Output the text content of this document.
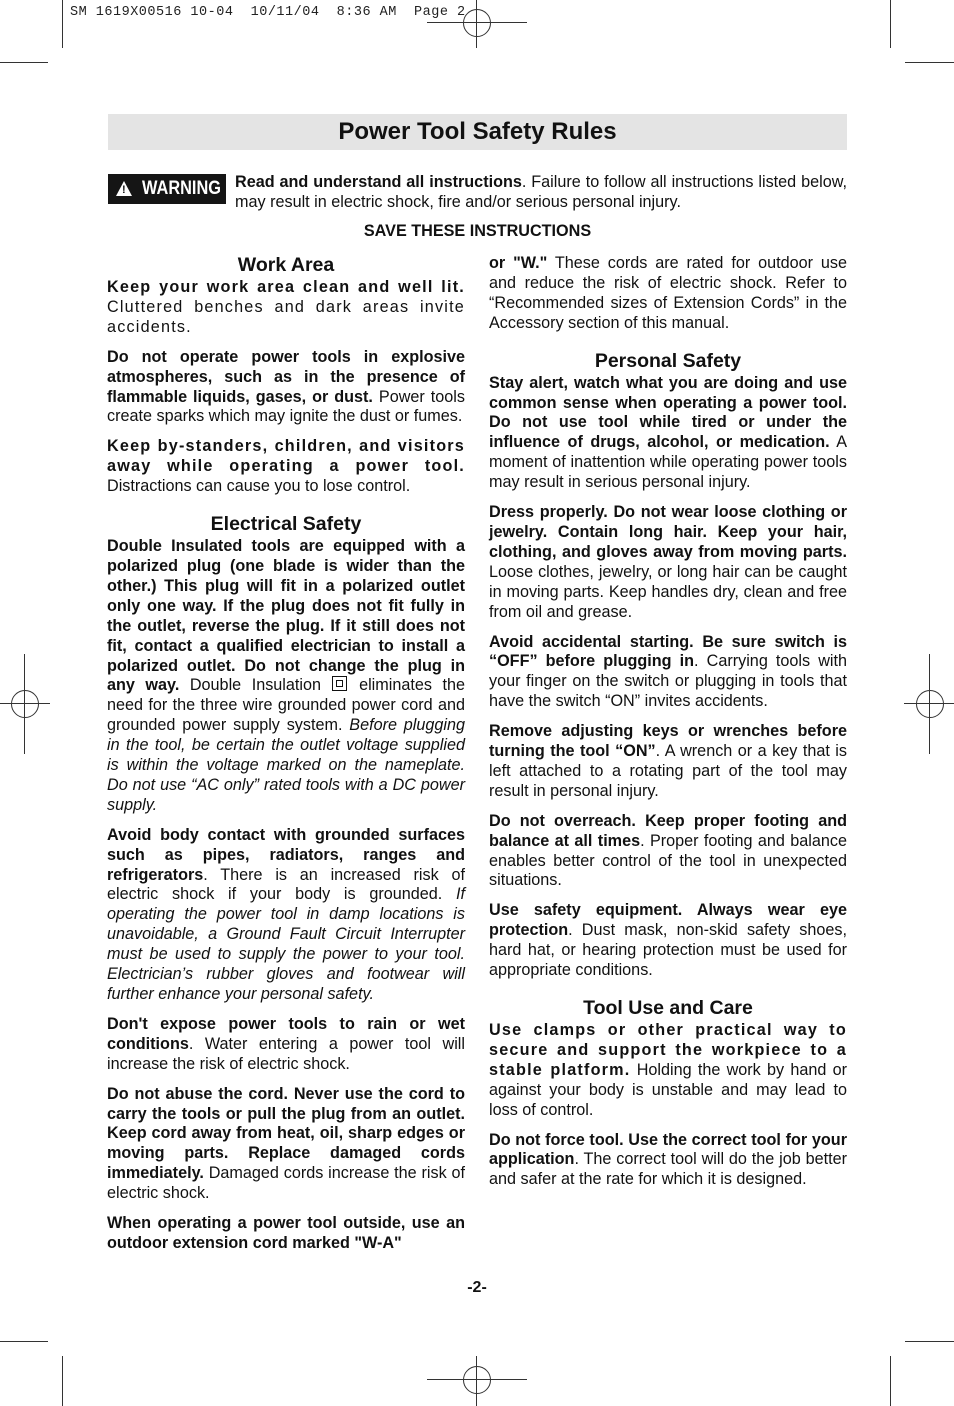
SM 1619X00516 10-04  10/11/04  8:36 AM  Page 2
Power Tool Safety Rules
! WARNING Read and understand all instructions. Failure to follow all instructions listed below, may result in electric shock, fire and/or serious personal injury.
SAVE THESE INSTRUCTIONS
Work Area

Keep your work area clean and well lit. Cluttered benches and dark areas invite accidents.

Do not operate power tools in explosive atmospheres, such as in the presence of flammable liquids, gases, or dust. Power tools create sparks which may ignite the dust or fumes.

Keep by-standers, children, and visitors away while operating a power tool. Distractions can cause you to lose control.

Electrical Safety

Double Insulated tools are equipped with a polarized plug (one blade is wider than the other.) This plug will fit in a polarized outlet only one way. If the plug does not fit fully in the outlet, reverse the plug. If it still does not fit, contact a qualified electrician to install a polarized outlet. Do not change the plug in any way. Double Insulation  eliminates the need for the three wire grounded power cord and grounded power supply system. Before plugging in the tool, be certain the outlet voltage supplied is within the voltage marked on the nameplate. Do not use “AC only” rated tools with a DC power supply.

Avoid body contact with grounded surfaces such as pipes, radiators, ranges and refrigerators. There is an increased risk of electric shock if your body is grounded. If operating the power tool in damp locations is unavoidable, a Ground Fault Circuit Interrupter must be used to supply the power to your tool. Electrician’s rubber gloves and footwear will further enhance your personal safety.

Don't expose power tools to rain or wet conditions. Water entering a power tool will increase the risk of electric shock.

Do not abuse the cord. Never use the cord to carry the tools or pull the plug from an outlet. Keep cord away from heat, oil, sharp edges or moving parts. Replace damaged cords immediately. Damaged cords increase the risk of electric shock.

When operating a power tool outside, use an outdoor extension cord marked "W-A"

or "W." These cords are rated for outdoor use and reduce the risk of electric shock. Refer to “Recommended sizes of Extension Cords” in the Accessory section of this manual.

Personal Safety

Stay alert, watch what you are doing and use common sense when operating a power tool. Do not use tool while tired or under the influence of drugs, alcohol, or medication. A moment of inattention while operating power tools may result in serious personal injury.

Dress properly. Do not wear loose clothing or jewelry. Contain long hair. Keep your hair, clothing, and gloves away from moving parts. Loose clothes, jewelry, or long hair can be caught in moving parts. Keep handles dry, clean and free from oil and grease.

Avoid accidental starting. Be sure switch is “OFF” before plugging in. Carrying tools with your finger on the switch or plugging in tools that have the switch “ON” invites accidents.

Remove adjusting keys or wrenches before turning the tool “ON”. A wrench or a key that is left attached to a rotating part of the tool may result in personal injury.

Do not overreach. Keep proper footing and balance at all times. Proper footing and balance enables better control of the tool in unexpected situations.

Use safety equipment. Always wear eye protection. Dust mask, non-skid safety shoes, hard hat, or hearing protection must be used for appropriate conditions.

Tool Use and Care

Use clamps or other practical way to secure and support the workpiece to a stable platform. Holding the work by hand or against your body is unstable and may lead to loss of control.

Do not force tool. Use the correct tool for your application. The correct tool will do the job better and safer at the rate for which it is designed.

-2-
